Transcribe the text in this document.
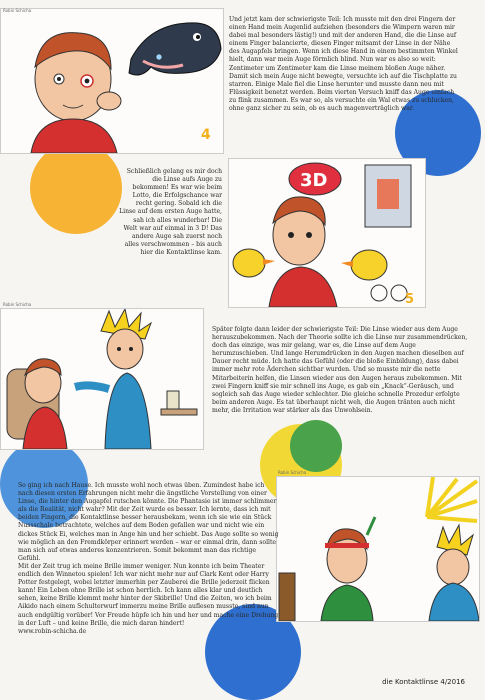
4
Robin Schicha

Und jetzt kam der schwierigste Teil: Ich musste mit den drei Fingern der einen Hand mein Augenlid aufziehen (besonders die Wimpern waren mir dabei mal besonders lästig!) und mit der anderen Hand, die die Linse auf einem Finger balancierte, diesen Finger mitsamt der Linse in der Nähe des Augapfels bringen. Wenn ich diese Hand in einem bestimmten Winkel hielt, dann war mein Auge förmlich blind. Nun war es also so weit: Zentimeter um Zentimeter kam die Linse meinem bloßen Auge näher. Damit sich mein Auge nicht bewegte, versuchte ich auf die Tischplatte zu starren. Einige Male fiel die Linse herunter und musste dann neu mit Flüssigkeit benetzt werden. Beim vierten Versuch kniff das Auge einfach zu flink zusammen. Es war so, als versuchte ein Wal etwas zu schlucken, ohne ganz sicher zu sein, ob es auch magenverträglich war.

Schließlich gelang es mir doch die Linse aufs Auge zu bekommen! Es war wie beim Lotto, die Erfolgschance war recht gering. Sobald ich die Linse auf dem ersten Auge hatte, sah ich alles wunderbar! Die Welt war auf einmal in 3 D! Das andere Auge sah zuerst noch alles verschwommen – bis auch hier die Kontaktlinse kam.

3D
5
Robin Schicha

Später folgte dann leider der schwierigste Teil: Die Linse wieder aus dem Auge herauszubekommen. Nach der Theorie sollte ich die Linse nur zusammendrücken, doch das einzige, was mir gelang, war es, die Linse auf dem Auge herumzuschieben. Und lange Herumdrücken in den Augen machen dieselben auf Dauer recht müde. Ich hatte das Gefühl (oder die bloße Einbildung), dass dabei immer mehr rote Äderchen sichtbar wurden. Und so musste mir die nette Mitarbeiterin helfen, die Linsen wieder aus den Augen heraus zubekommen. Mit zwei Fingern kniff sie mir schnell ins Auge, es gab ein „Knack“-Geräusch, und sogleich sah das Auge wieder schlechter. Die gleiche schnelle Prozedur erfolgte beim anderen Auge. Es tat überhaupt nicht weh, die Augen tränten auch nicht mehr, die Irritation war stärker als das Unwohlsein.

So ging ich nach Hause. Ich musste wohl noch etwas üben. Zumindest habe ich nach diesen ersten Erfahrungen nicht mehr die ängstliche Vorstellung von einer Linse, die hinter den Augapfel rutschen könnte. Die Phantasie ist immer schlimmer als die Realität, nicht wahr? Mit der Zeit wurde es besser. Ich lernte, dass ich mit beiden Fingern, die Kontaktlinse besser herausbekam, wenn ich sie wie ein Stück Nussschale betrachtete, welches auf dem Boden gefallen war und nicht wie ein dickes Stück Ei, welches man in Ange hin und her schiebt. Das Auge sollte so wenig wie möglich an den Fremdkörper erinnert werden – war er einmal drin, dann sollte man sich auf etwas anderes konzentrieren. Somit bekommt man das richtige Gefühl.

Mit der Zeit trug ich meine Brille immer weniger. Nun konnte ich beim Theater endlich den Winnetou spielen! Ich war nicht mehr nur auf Clark Kent oder Harry Potter festgelegt, wobei letzter immerhin per Zauberei die Brille jederzeit flicken kann! Ein Leben ohne Brille ist schon herrlich. Ich kann alles klar und deutlich sehen, keine Brille klemmt mehr hinter der Skibrille! Und die Zeiten, wo ich beim Aikido nach einem Schulterwurf immerzu meine Brille auflesen musste, sind nun auch endgültig vorüber! Vor Freude hüpfe ich hin und her und mache eine Drehung in der Luft – und keine Brille, die mich daran hindert!

www.robin-schicha.de

Robin Schicha
die Kontaktlinse 4/2016
